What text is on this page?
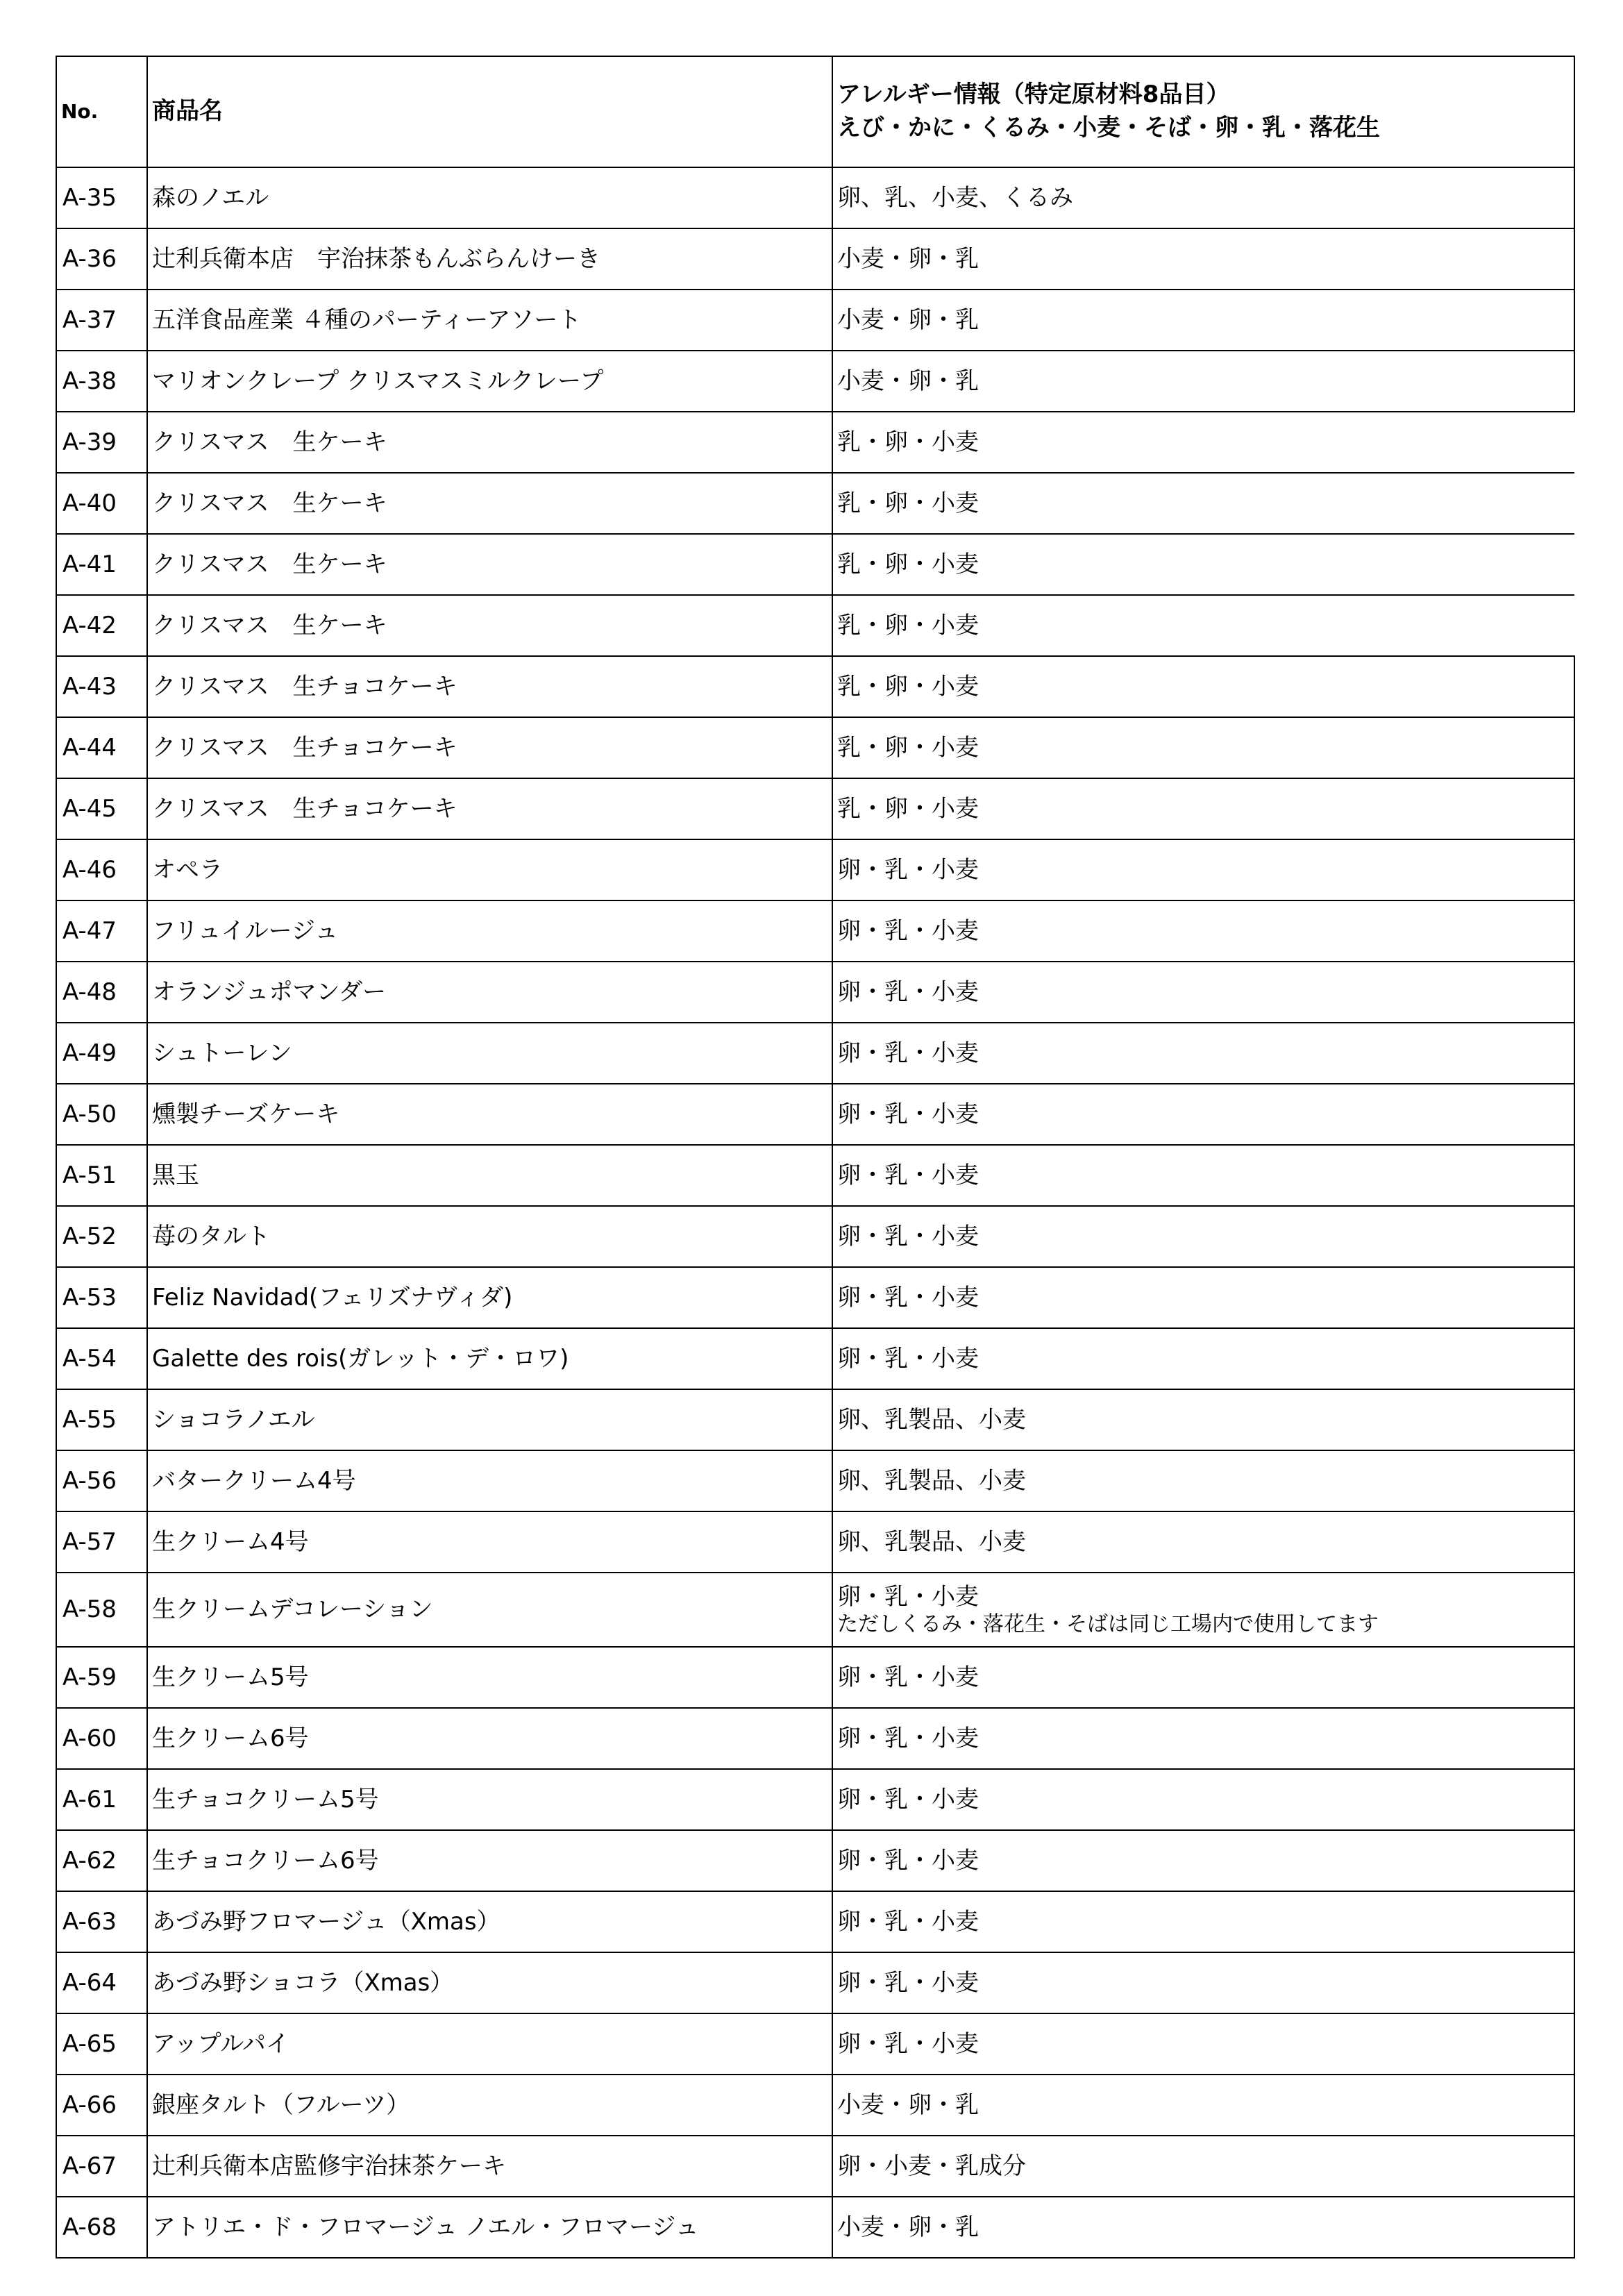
No.	商品名	アレルギー情報（特定原材料8品目）
えび・かに・くるみ・小麦・そば・卵・乳・落花生

A-35	森のノエル	卵、乳、小麦、くるみ
A-36	辻利兵衛本店　宇治抹茶もんぶらんけーき	小麦・卵・乳
A-37	五洋食品産業 ４種のパーティーアソート	小麦・卵・乳
A-38	マリオンクレープ クリスマスミルクレープ	小麦・卵・乳
A-39	クリスマス　生ケーキ	乳・卵・小麦
A-40	クリスマス　生ケーキ	乳・卵・小麦
A-41	クリスマス　生ケーキ	乳・卵・小麦
A-42	クリスマス　生ケーキ	乳・卵・小麦
A-43	クリスマス　生チョコケーキ	乳・卵・小麦
A-44	クリスマス　生チョコケーキ	乳・卵・小麦
A-45	クリスマス　生チョコケーキ	乳・卵・小麦
A-46	オペラ	卵・乳・小麦
A-47	フリュイルージュ	卵・乳・小麦
A-48	オランジュポマンダー	卵・乳・小麦
A-49	シュトーレン	卵・乳・小麦
A-50	燻製チーズケーキ	卵・乳・小麦
A-51	黒玉	卵・乳・小麦
A-52	苺のタルト	卵・乳・小麦
A-53	Feliz Navidad(フェリズナヴィダ)	卵・乳・小麦
A-54	Galette des rois(ガレット・デ・ロワ)	卵・乳・小麦
A-55	ショコラノエル	卵、乳製品、小麦
A-56	バタークリーム4号	卵、乳製品、小麦
A-57	生クリーム4号	卵、乳製品、小麦
A-58	生クリームデコレーション	卵・乳・小麦
ただしくるみ・落花生・そばは同じ工場内で使用してます

A-59	生クリーム5号	卵・乳・小麦
A-60	生クリーム6号	卵・乳・小麦
A-61	生チョコクリーム5号	卵・乳・小麦
A-62	生チョコクリーム6号	卵・乳・小麦
A-63	あづみ野フロマージュ（Xmas）	卵・乳・小麦
A-64	あづみ野ショコラ（Xmas）	卵・乳・小麦
A-65	アップルパイ	卵・乳・小麦
A-66	銀座タルト（フルーツ）	小麦・卵・乳
A-67	辻利兵衛本店監修宇治抹茶ケーキ	卵・小麦・乳成分
A-68	アトリエ・ド・フロマージュ ノエル・フロマージュ	小麦・卵・乳
